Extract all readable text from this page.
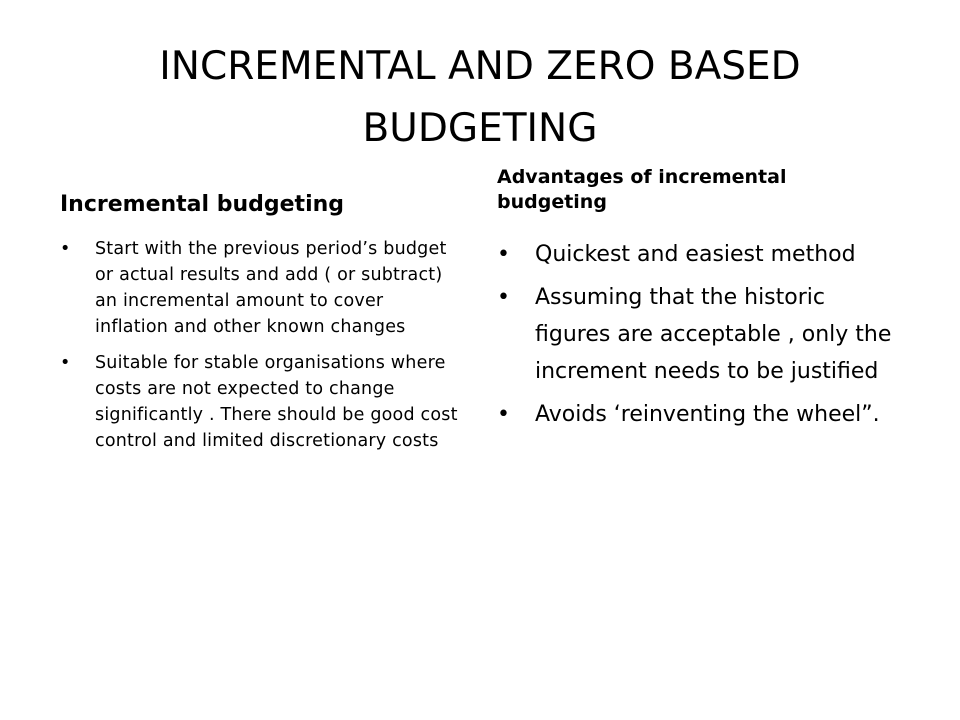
INCREMENTAL AND ZERO BASED BUDGETING
Incremental budgeting
• Start with the previous period’s budget or actual results and add ( or subtract) an incremental amount to cover inflation and other known changes
• Suitable for stable organisations where costs are not expected to change significantly . There should be good cost control and limited discretionary costs
Advantages of incremental budgeting
• Quickest and easiest method
• Assuming that the historic figures are acceptable , only the increment needs to be justified
• Avoids ‘reinventing the wheel”.
